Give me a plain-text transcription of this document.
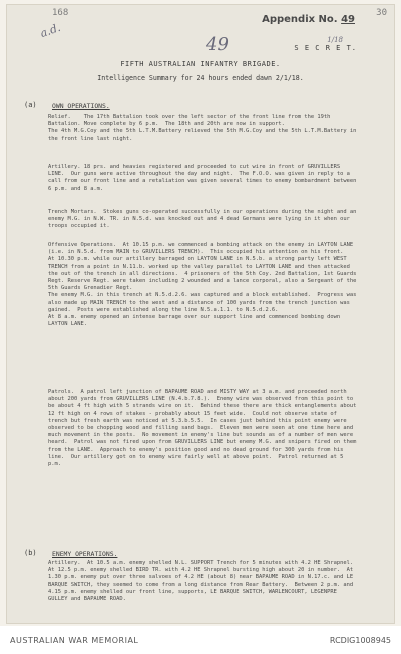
168	30
a.d.
Appendix No. 49
49	1/18
S E C R E T.
FIFTH AUSTRALIAN INFANTRY BRIGADE.
Intelligence Summary for 24 hours ended dawn 2/1/18.
(a) OWN OPERATIONS.

Relief.    The 17th Battalion took over the left sector of the front line from the 19th Battalion. Move complete by 6 p.m.  The 18th and 20th are now in support.
The 4th M.G.Coy and the 5th L.T.M.Battery relieved the 5th M.G.Coy and the 5th L.T.M.Battery in the front line last night.

Artillery. 18 prs. and heavies registered and proceeded to cut wire in front of GRUVILLERS LINE.  Our guns were active throughout the day and night.  The F.O.O. was given in reply to a call from our front line and a retaliation was given several times to enemy bombardment between 6 p.m. and 8 a.m.

Trench Mortars.  Stokes guns co-operated successfully in our operations during the night and an enemy M.G. in N.W. TR. in N.5.d. was knocked out and 4 dead Germans were lying in it when our troops occupied it.

Offensive Operations.  At 10.15 p.m. we commenced a bombing attack on the enemy in LAYTON LANE (i.e. in N.5.d. from MAIN to GRUVILLERS TRENCH).  This occupied his attention on his front.
At 10.30 p.m. while our artillery barraged on LAYTON LANE in N.5.b. a strong party left WEST TRENCH from a point in N.11.b. worked up the valley parallel to LAYTON LANE and then attacked the out of the trench in all directions.  4 prisoners of the 5th Coy. 2nd Battalion, 1st Guards Regt. Reserve Regt. were taken including 2 wounded and a lance corporal, also a Sergeant of the 5th Guards Grenadier Regt.
The enemy M.G. in this trench at N.5.d.2.6. was captured and a block established.  Progress was also made up MAIN TRENCH to the west and a distance of 100 yards from the trench junction was gained.  Posts were established along the line N.5.a.1.1. to N.5.d.2.6.
At 8 a.m. enemy opened an intense barrage over our support line and commenced bombing down LAYTON LANE.

Patrols.  A patrol left junction of BAPAUME ROAD and MISTY WAY at 3 a.m. and proceeded north about 200 yards from GRUVILLERS LINE (N.4.b.7.8.).  Enemy wire was observed from this point to be about 4 ft high with 5 strands wire on it.  Behind these there are thick entanglements about 12 ft high on 4 rows of stakes - probably about 15 feet wide.  Could not observe state of trench but fresh earth was noticed at 5.3.b.5.5.  In cases just behind this point enemy were observed to be chopping wood and filling sand bags.  Eleven men were seen at one time here and much movement in the posts.  No movement in enemy's line but sounds as of a number of men were heard.  Patrol was not fired upon from GRUVILLERS LINE but enemy M.G. and snipers fired on them from the LANE.  Approach to enemy's position good and no dead ground for 300 yards from his line.  Our artillery got on to enemy wire fairly well at above point.  Patrol returned at 5 p.m.

(b) ENEMY OPERATIONS.

Artillery.  At 10.5 a.m. enemy shelled N.L. SUPPORT Trench for 5 minutes with 4.2 HE Shrapnel.  At 12.5 p.m. enemy shelled BIRD TR. with 4.2 HE Shrapnel bursting high about 20 in number.  At 1.30 p.m. enemy put over three salvoes of 4.2 HE (about 8) near BAPAUME ROAD in N.17.c. and LE BARQUE SWITCH, they seemed to come from a long distance from Rear Battery.  Between 2 p.m. and 4.15 p.m. enemy shelled our front line, supports, LE BARQUE SWITCH, WARLENCOURT, LEGENPRE GULLEY and BAPAUME ROAD.

AUSTRALIAN WAR MEMORIAL	RCDIG1008945
